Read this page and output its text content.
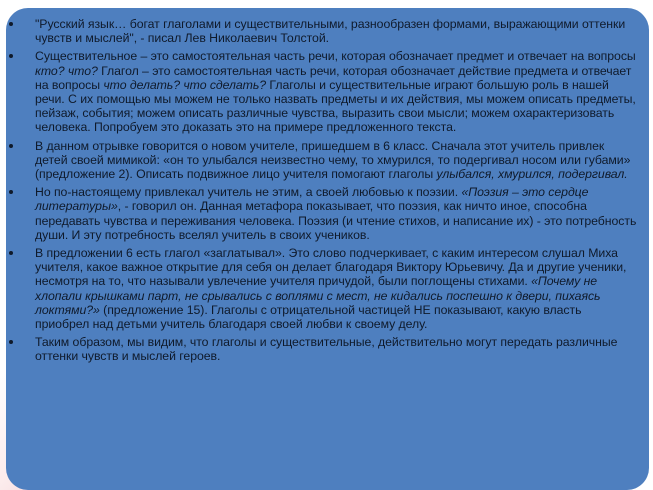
"Русский язык… богат глаголами и существительными, разнообразен формами, выражающими оттенки чувств и мыслей", - писал Лев Николаевич Толстой.
Существительное – это самостоятельная часть речи, которая обозначает предмет и отвечает на вопросы кто? что? Глагол – это самостоятельная часть речи, которая обозначает действие предмета и отвечает на вопросы что делать? что сделать? Глаголы и существительные играют большую роль в нашей речи. С их помощью мы можем не только назвать предметы и их действия, мы можем описать предметы, пейзаж, события; можем описать различные чувства, выразить свои мысли; можем охарактеризовать человека. Попробуем это доказать это на примере предложенного текста.
В данном отрывке говорится о новом учителе, пришедшем в 6 класс. Сначала этот учитель привлек детей своей мимикой: «он то улыбался неизвестно чему, то хмурился, то подергивал носом или губами» (предложение 2). Описать подвижное лицо учителя помогают глаголы улыбался, хмурился, подергивал.
Но по-настоящему привлекал учитель не этим, а своей любовью к поэзии. «Поэзия – это сердце литературы», - говорил он. Данная метафора показывает, что поэзия, как ничто иное, способна передавать чувства и переживания человека. Поэзия (и чтение стихов, и написание их) - это потребность души. И эту потребность вселял учитель в своих учеников.
В предложении 6 есть глагол «заглатывал». Это слово подчеркивает, с каким интересом слушал Миха учителя, какое важное открытие для себя он делает благодаря Виктору Юрьевичу. Да и другие ученики, несмотря на то, что называли увлечение учителя причудой, были поглощены стихами. «Почему не хлопали крышками парт, не срывались с воплями с мест, не кидались поспешно к двери, пихаясь локтями?» (предложение 15). Глаголы с отрицательной частицей НЕ показывают, какую власть приобрел над детьми учитель благодаря своей любви к своему делу.
Таким образом, мы видим, что глаголы и существительные, действительно могут передать различные оттенки чувств и мыслей героев.
